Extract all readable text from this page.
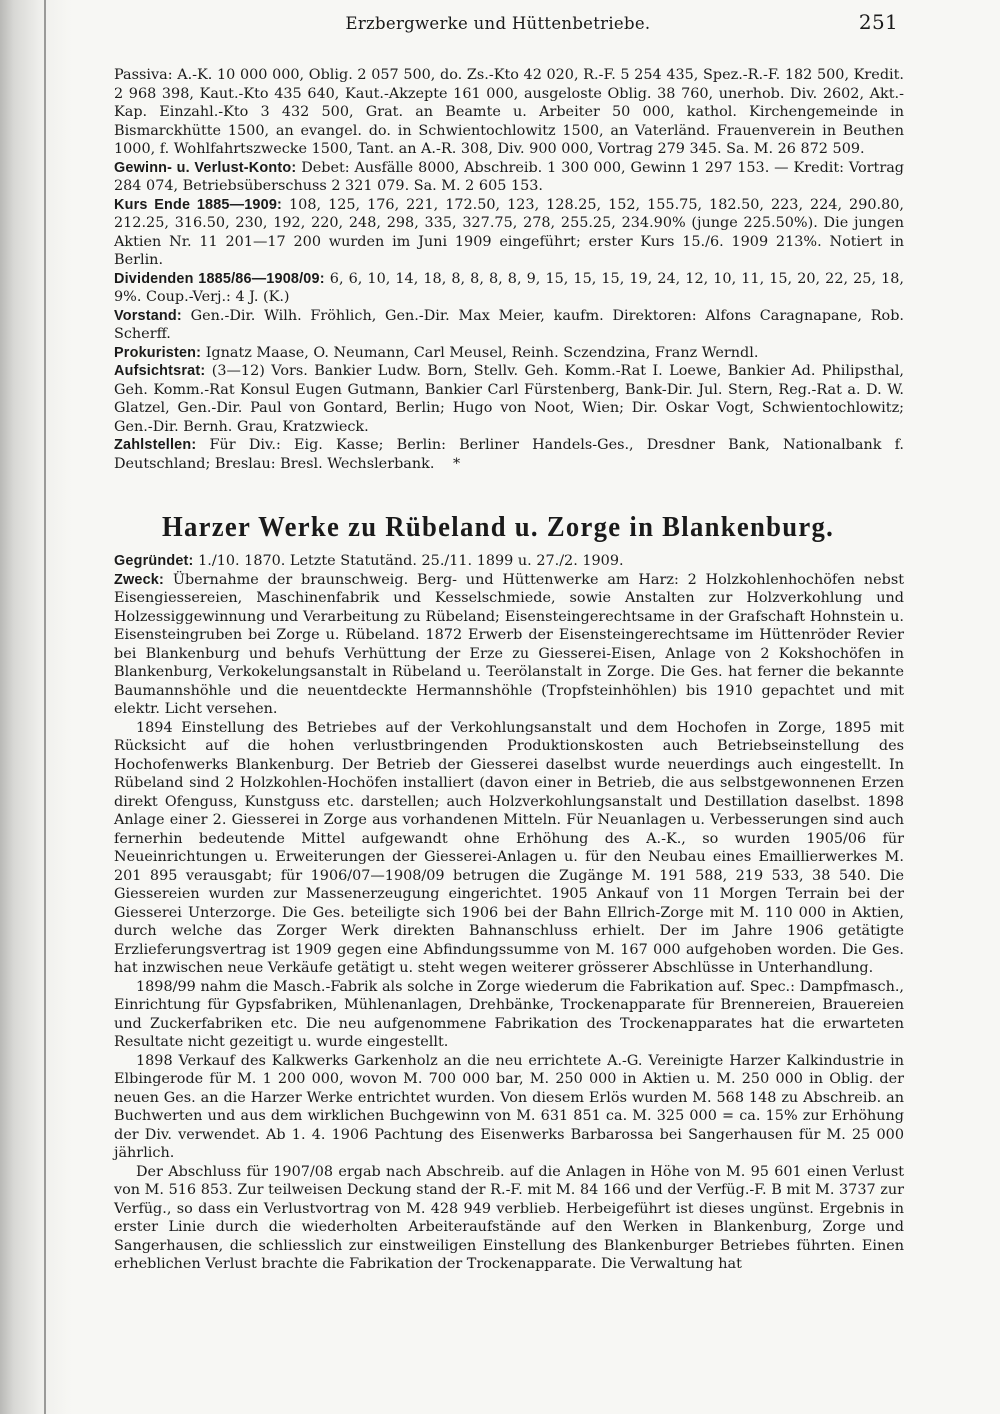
Erzbergwerke und Hüttenbetriebe.	251

Passiva: A.-K. 10 000 000, Oblig. 2 057 500, do. Zs.-Kto 42 020, R.-F. 5 254 435, Spez.-R.-F. 182 500, Kredit. 2 968 398, Kaut.-Kto 435 640, Kaut.-Akzepte 161 000, ausgeloste Oblig. 38 760, unerhob. Div. 2602, Akt.-Kap. Einzahl.-Kto 3 432 500, Grat. an Beamte u. Arbeiter 50 000, kathol. Kirchengemeinde in Bismarckhütte 1500, an evangel. do. in Schwientochlowitz 1500, an Vaterländ. Frauenverein in Beuthen 1000, f. Wohlfahrtszwecke 1500, Tant. an A.-R. 308, Div. 900 000, Vortrag 279 345. Sa. M. 26 872 509.

Gewinn- u. Verlust-Konto: Debet: Ausfälle 8000, Abschreib. 1 300 000, Gewinn 1 297 153. — Kredit: Vortrag 284 074, Betriebsüberschuss 2 321 079. Sa. M. 2 605 153.

Kurs Ende 1885—1909: 108, 125, 176, 221, 172.50, 123, 128.25, 152, 155.75, 182.50, 223, 224, 290.80, 212.25, 316.50, 230, 192, 220, 248, 298, 335, 327.75, 278, 255.25, 234.90% (junge 225.50%). Die jungen Aktien Nr. 11 201—17 200 wurden im Juni 1909 eingeführt; erster Kurs 15./6. 1909 213%. Notiert in Berlin.

Dividenden 1885/86—1908/09: 6, 6, 10, 14, 18, 8, 8, 8, 8, 9, 15, 15, 15, 19, 24, 12, 10, 11, 15, 20, 22, 25, 18, 9%. Coup.-Verj.: 4 J. (K.)

Vorstand: Gen.-Dir. Wilh. Fröhlich, Gen.-Dir. Max Meier, kaufm. Direktoren: Alfons Caragnapane, Rob. Scherff.

Prokuristen: Ignatz Maase, O. Neumann, Carl Meusel, Reinh. Sczendzina, Franz Werndl.

Aufsichtsrat: (3—12) Vors. Bankier Ludw. Born, Stellv. Geh. Komm.-Rat I. Loewe, Bankier Ad. Philipsthal, Geh. Komm.-Rat Konsul Eugen Gutmann, Bankier Carl Fürstenberg, Bank-Dir. Jul. Stern, Reg.-Rat a. D. W. Glatzel, Gen.-Dir. Paul von Gontard, Berlin; Hugo von Noot, Wien; Dir. Oskar Vogt, Schwientochlowitz; Gen.-Dir. Bernh. Grau, Kratzwieck.

Zahlstellen: Für Div.: Eig. Kasse; Berlin: Berliner Handels-Ges., Dresdner Bank, Nationalbank f. Deutschland; Breslau: Bresl. Wechslerbank. *

Harzer Werke zu Rübeland u. Zorge in Blankenburg.

Gegründet: 1./10. 1870. Letzte Statutänd. 25./11. 1899 u. 27./2. 1909.

Zweck: Übernahme der braunschweig. Berg- und Hüttenwerke am Harz: 2 Holzkohlenhochöfen nebst Eisengiessereien, Maschinenfabrik und Kesselschmiede, sowie Anstalten zur Holzverkohlung und Holzessiggewinnung und Verarbeitung zu Rübeland; Eisensteingerechtsame in der Grafschaft Hohnstein u. Eisensteingruben bei Zorge u. Rübeland. 1872 Erwerb der Eisensteingerechtsame im Hüttenröder Revier bei Blankenburg und behufs Verhüttung der Erze zu Giesserei-Eisen, Anlage von 2 Kokshochöfen in Blankenburg, Verkokelungsanstalt in Rübeland u. Teerölanstalt in Zorge. Die Ges. hat ferner die bekannte Baumannshöhle und die neuentdeckte Hermannshöhle (Tropfsteinhöhlen) bis 1910 gepachtet und mit elektr. Licht versehen.

1894 Einstellung des Betriebes auf der Verkohlungsanstalt und dem Hochofen in Zorge, 1895 mit Rücksicht auf die hohen verlustbringenden Produktionskosten auch Betriebseinstellung des Hochofenwerks Blankenburg. Der Betrieb der Giesserei daselbst wurde neuerdings auch eingestellt. In Rübeland sind 2 Holzkohlen-Hochöfen installiert (davon einer in Betrieb, die aus selbstgewonnenen Erzen direkt Ofenguss, Kunstguss etc. darstellen; auch Holzverkohlungsanstalt und Destillation daselbst. 1898 Anlage einer 2. Giesserei in Zorge aus vorhandenen Mitteln. Für Neuanlagen u. Verbesserungen sind auch fernerhin bedeutende Mittel aufgewandt ohne Erhöhung des A.-K., so wurden 1905/06 für Neueinrichtungen u. Erweiterungen der Giesserei-Anlagen u. für den Neubau eines Emaillierwerkes M. 201 895 verausgabt; für 1906/07—1908/09 betrugen die Zugänge M. 191 588, 219 533, 38 540. Die Giessereien wurden zur Massenerzeugung eingerichtet. 1905 Ankauf von 11 Morgen Terrain bei der Giesserei Unterzorge. Die Ges. beteiligte sich 1906 bei der Bahn Ellrich-Zorge mit M. 110 000 in Aktien, durch welche das Zorger Werk direkten Bahnanschluss erhielt. Der im Jahre 1906 getätigte Erzlieferungsvertrag ist 1909 gegen eine Abfindungssumme von M. 167 000 aufgehoben worden. Die Ges. hat inzwischen neue Verkäufe getätigt u. steht wegen weiterer grösserer Abschlüsse in Unterhandlung.

1898/99 nahm die Masch.-Fabrik als solche in Zorge wiederum die Fabrikation auf. Spec.: Dampfmasch., Einrichtung für Gypsfabriken, Mühlenanlagen, Drehbänke, Trockenapparate für Brennereien, Brauereien und Zuckerfabriken etc. Die neu aufgenommene Fabrikation des Trockenapparates hat die erwarteten Resultate nicht gezeitigt u. wurde eingestellt.

1898 Verkauf des Kalkwerks Garkenholz an die neu errichtete A.-G. Vereinigte Harzer Kalkindustrie in Elbingerode für M. 1 200 000, wovon M. 700 000 bar, M. 250 000 in Aktien u. M. 250 000 in Oblig. der neuen Ges. an die Harzer Werke entrichtet wurden. Von diesem Erlös wurden M. 568 148 zu Abschreib. an Buchwerten und aus dem wirklichen Buchgewinn von M. 631 851 ca. M. 325 000 = ca. 15% zur Erhöhung der Div. verwendet. Ab 1. 4. 1906 Pachtung des Eisenwerks Barbarossa bei Sangerhausen für M. 25 000 jährlich.

Der Abschluss für 1907/08 ergab nach Abschreib. auf die Anlagen in Höhe von M. 95 601 einen Verlust von M. 516 853. Zur teilweisen Deckung stand der R.-F. mit M. 84 166 und der Verfüg.-F. B mit M. 3737 zur Verfüg., so dass ein Verlustvortrag von M. 428 949 verblieb. Herbeigeführt ist dieses ungünst. Ergebnis in erster Linie durch die wiederholten Arbeiteraufstände auf den Werken in Blankenburg, Zorge und Sangerhausen, die schliesslich zur einstweiligen Einstellung des Blankenburger Betriebes führten. Einen erheblichen Verlust brachte die Fabrikation der Trockenapparate. Die Verwaltung hat
